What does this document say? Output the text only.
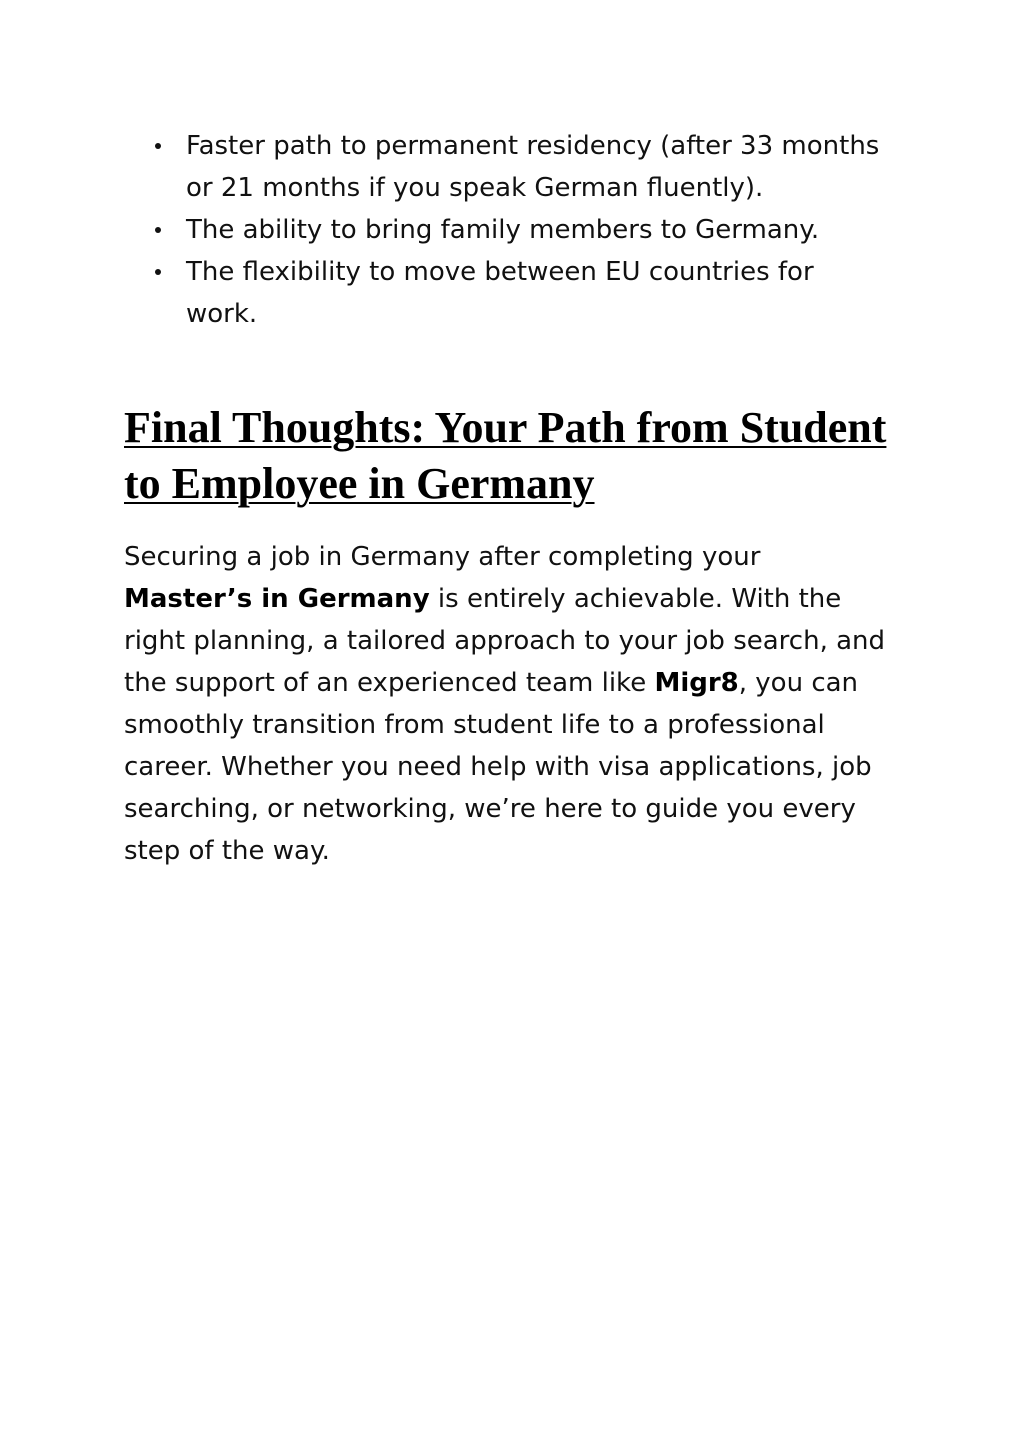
Faster path to permanent residency (after 33 months or 21 months if you speak German fluently).
The ability to bring family members to Germany.
The flexibility to move between EU countries for work.
Final Thoughts: Your Path from Student to Employee in Germany

Securing a job in Germany after completing your Master’s in Germany is entirely achievable. With the right planning, a tailored approach to your job search, and the support of an experienced team like Migr8, you can smoothly transition from student life to a professional career. Whether you need help with visa applications, job searching, or networking, we’re here to guide you every step of the way.
